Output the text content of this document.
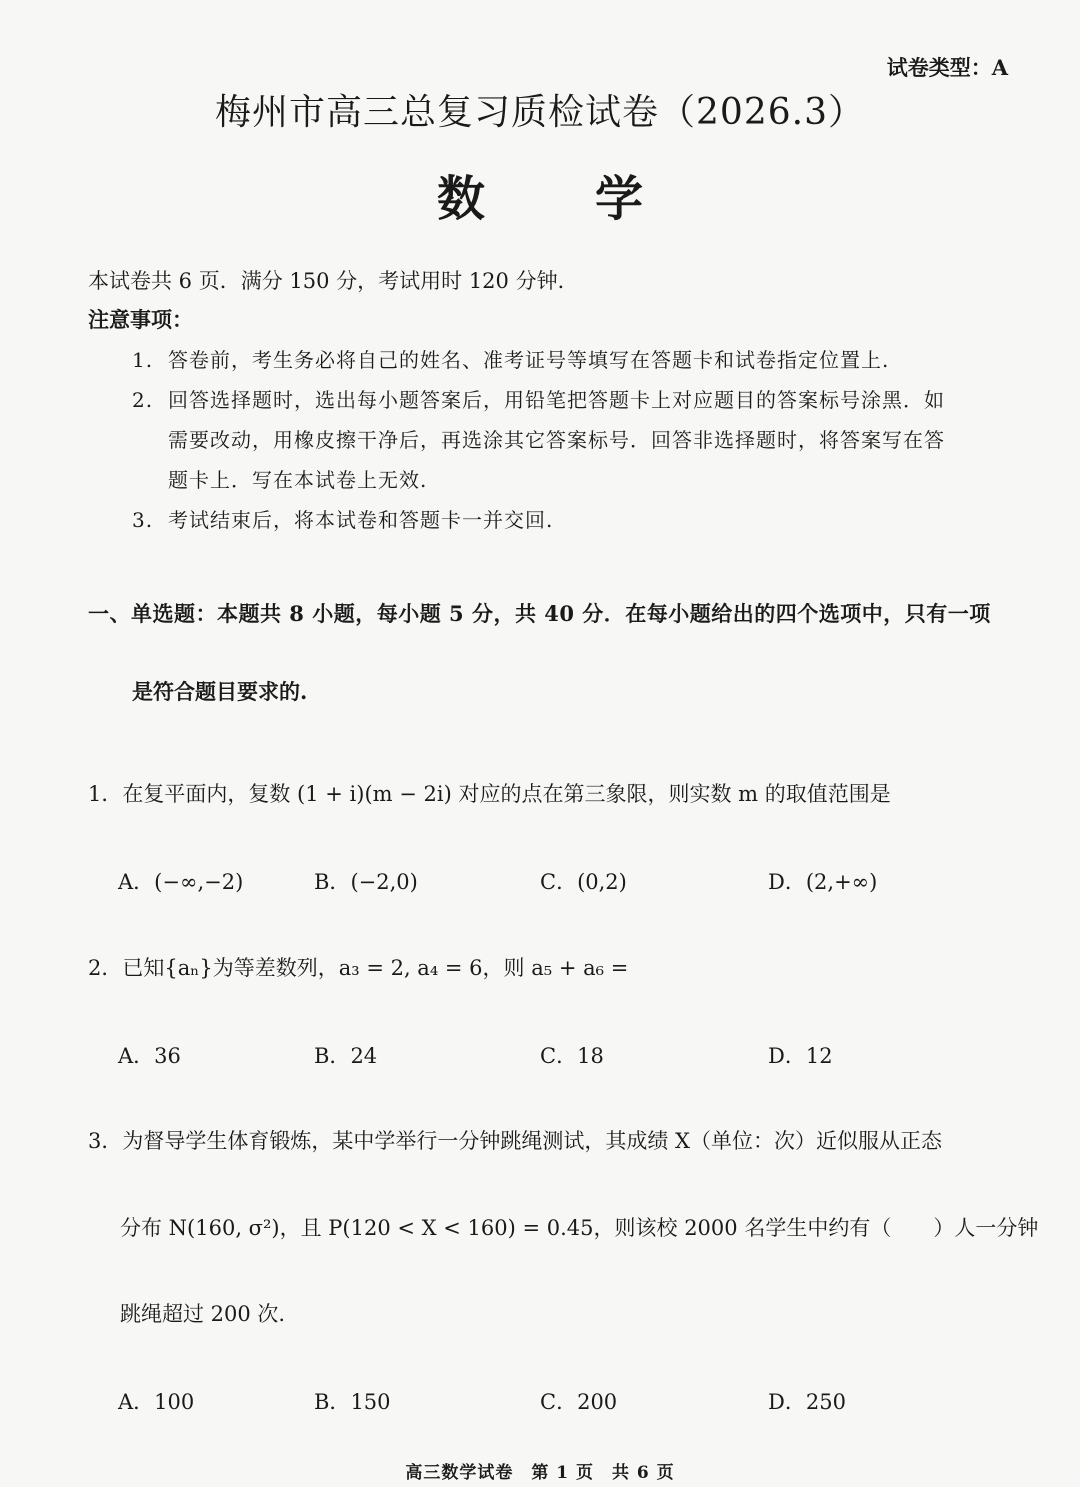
试卷类型：A
梅州市高三总复习质检试卷（2026.3）
数 学
本试卷共 6 页．满分 150 分，考试用时 120 分钟．
注意事项：
1. 答卷前，考生务必将自己的姓名、准考证号等填写在答题卡和试卷指定位置上.
2. 回答选择题时，选出每小题答案后，用铅笔把答题卡上对应题目的答案标号涂黑．如
需要改动，用橡皮擦干净后，再选涂其它答案标号．回答非选择题时，将答案写在答
题卡上．写在本试卷上无效.
3. 考试结束后，将本试卷和答题卡一并交回.
一、单选题：本题共 8 小题，每小题 5 分，共 40 分．在每小题给出的四个选项中，只有一项
是符合题目要求的.
1．在复平面内，复数 (1 + i)(m − 2i) 对应的点在第三象限，则实数 m 的取值范围是
A．(−∞,−2)	B．(−2,0)	C．(0,2)	D．(2,+∞)
2．已知{aₙ}为等差数列，a₃ = 2, a₄ = 6，则 a₅ + a₆ =
A．36	B．24	C．18	D．12
3．为督导学生体育锻炼，某中学举行一分钟跳绳测试，其成绩 X（单位：次）近似服从正态
分布 N(160, σ²)，且 P(120 < X < 160) = 0.45，则该校 2000 名学生中约有（　　）人一分钟
跳绳超过 200 次.
A．100	B．150	C．200	D．250
高三数学试卷　第 1 页　共 6 页
